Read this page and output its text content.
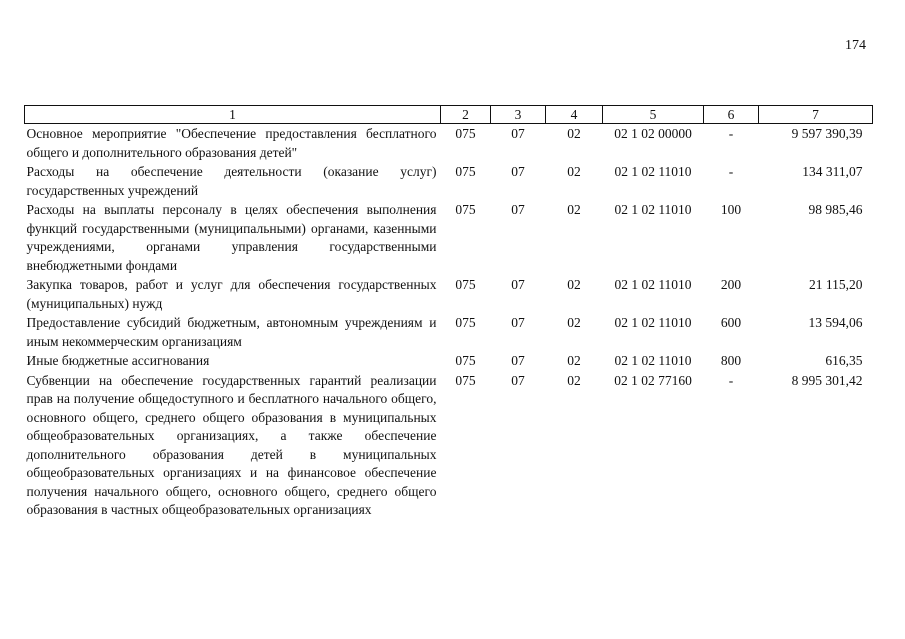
174
1	2	3	4	5	6	7
Основное мероприятие "Обеспечение предоставления бесплатного общего и дополнительного образования детей"	075	07	02	02 1 02 00000	-	9 597 390,39
Расходы на обеспечение деятельности (оказание услуг) государственных учреждений	075	07	02	02 1 02 11010	-	134 311,07
Расходы на выплаты персоналу в целях обеспечения выполнения функций государственными (муниципальными) органами, казенными учреждениями, органами управления государственными внебюджетными фондами	075	07	02	02 1 02 11010	100	98 985,46
Закупка товаров, работ и услуг для обеспечения государственных (муниципальных) нужд	075	07	02	02 1 02 11010	200	21 115,20
Предоставление субсидий бюджетным, автономным учреждениям и иным некоммерческим организациям	075	07	02	02 1 02 11010	600	13 594,06
Иные бюджетные ассигнования	075	07	02	02 1 02 11010	800	616,35
Субвенции на обеспечение государственных гарантий реализации прав на получение общедоступного и бесплатного начального общего, основного общего, среднего общего образования в муниципальных общеобразовательных организациях, а также обеспечение дополнительного образования детей в муниципальных общеобразовательных организациях и на финансовое обеспечение получения начального общего, основного общего, среднего общего образования в частных общеобразовательных организациях	075	07	02	02 1 02 77160	-	8 995 301,42
